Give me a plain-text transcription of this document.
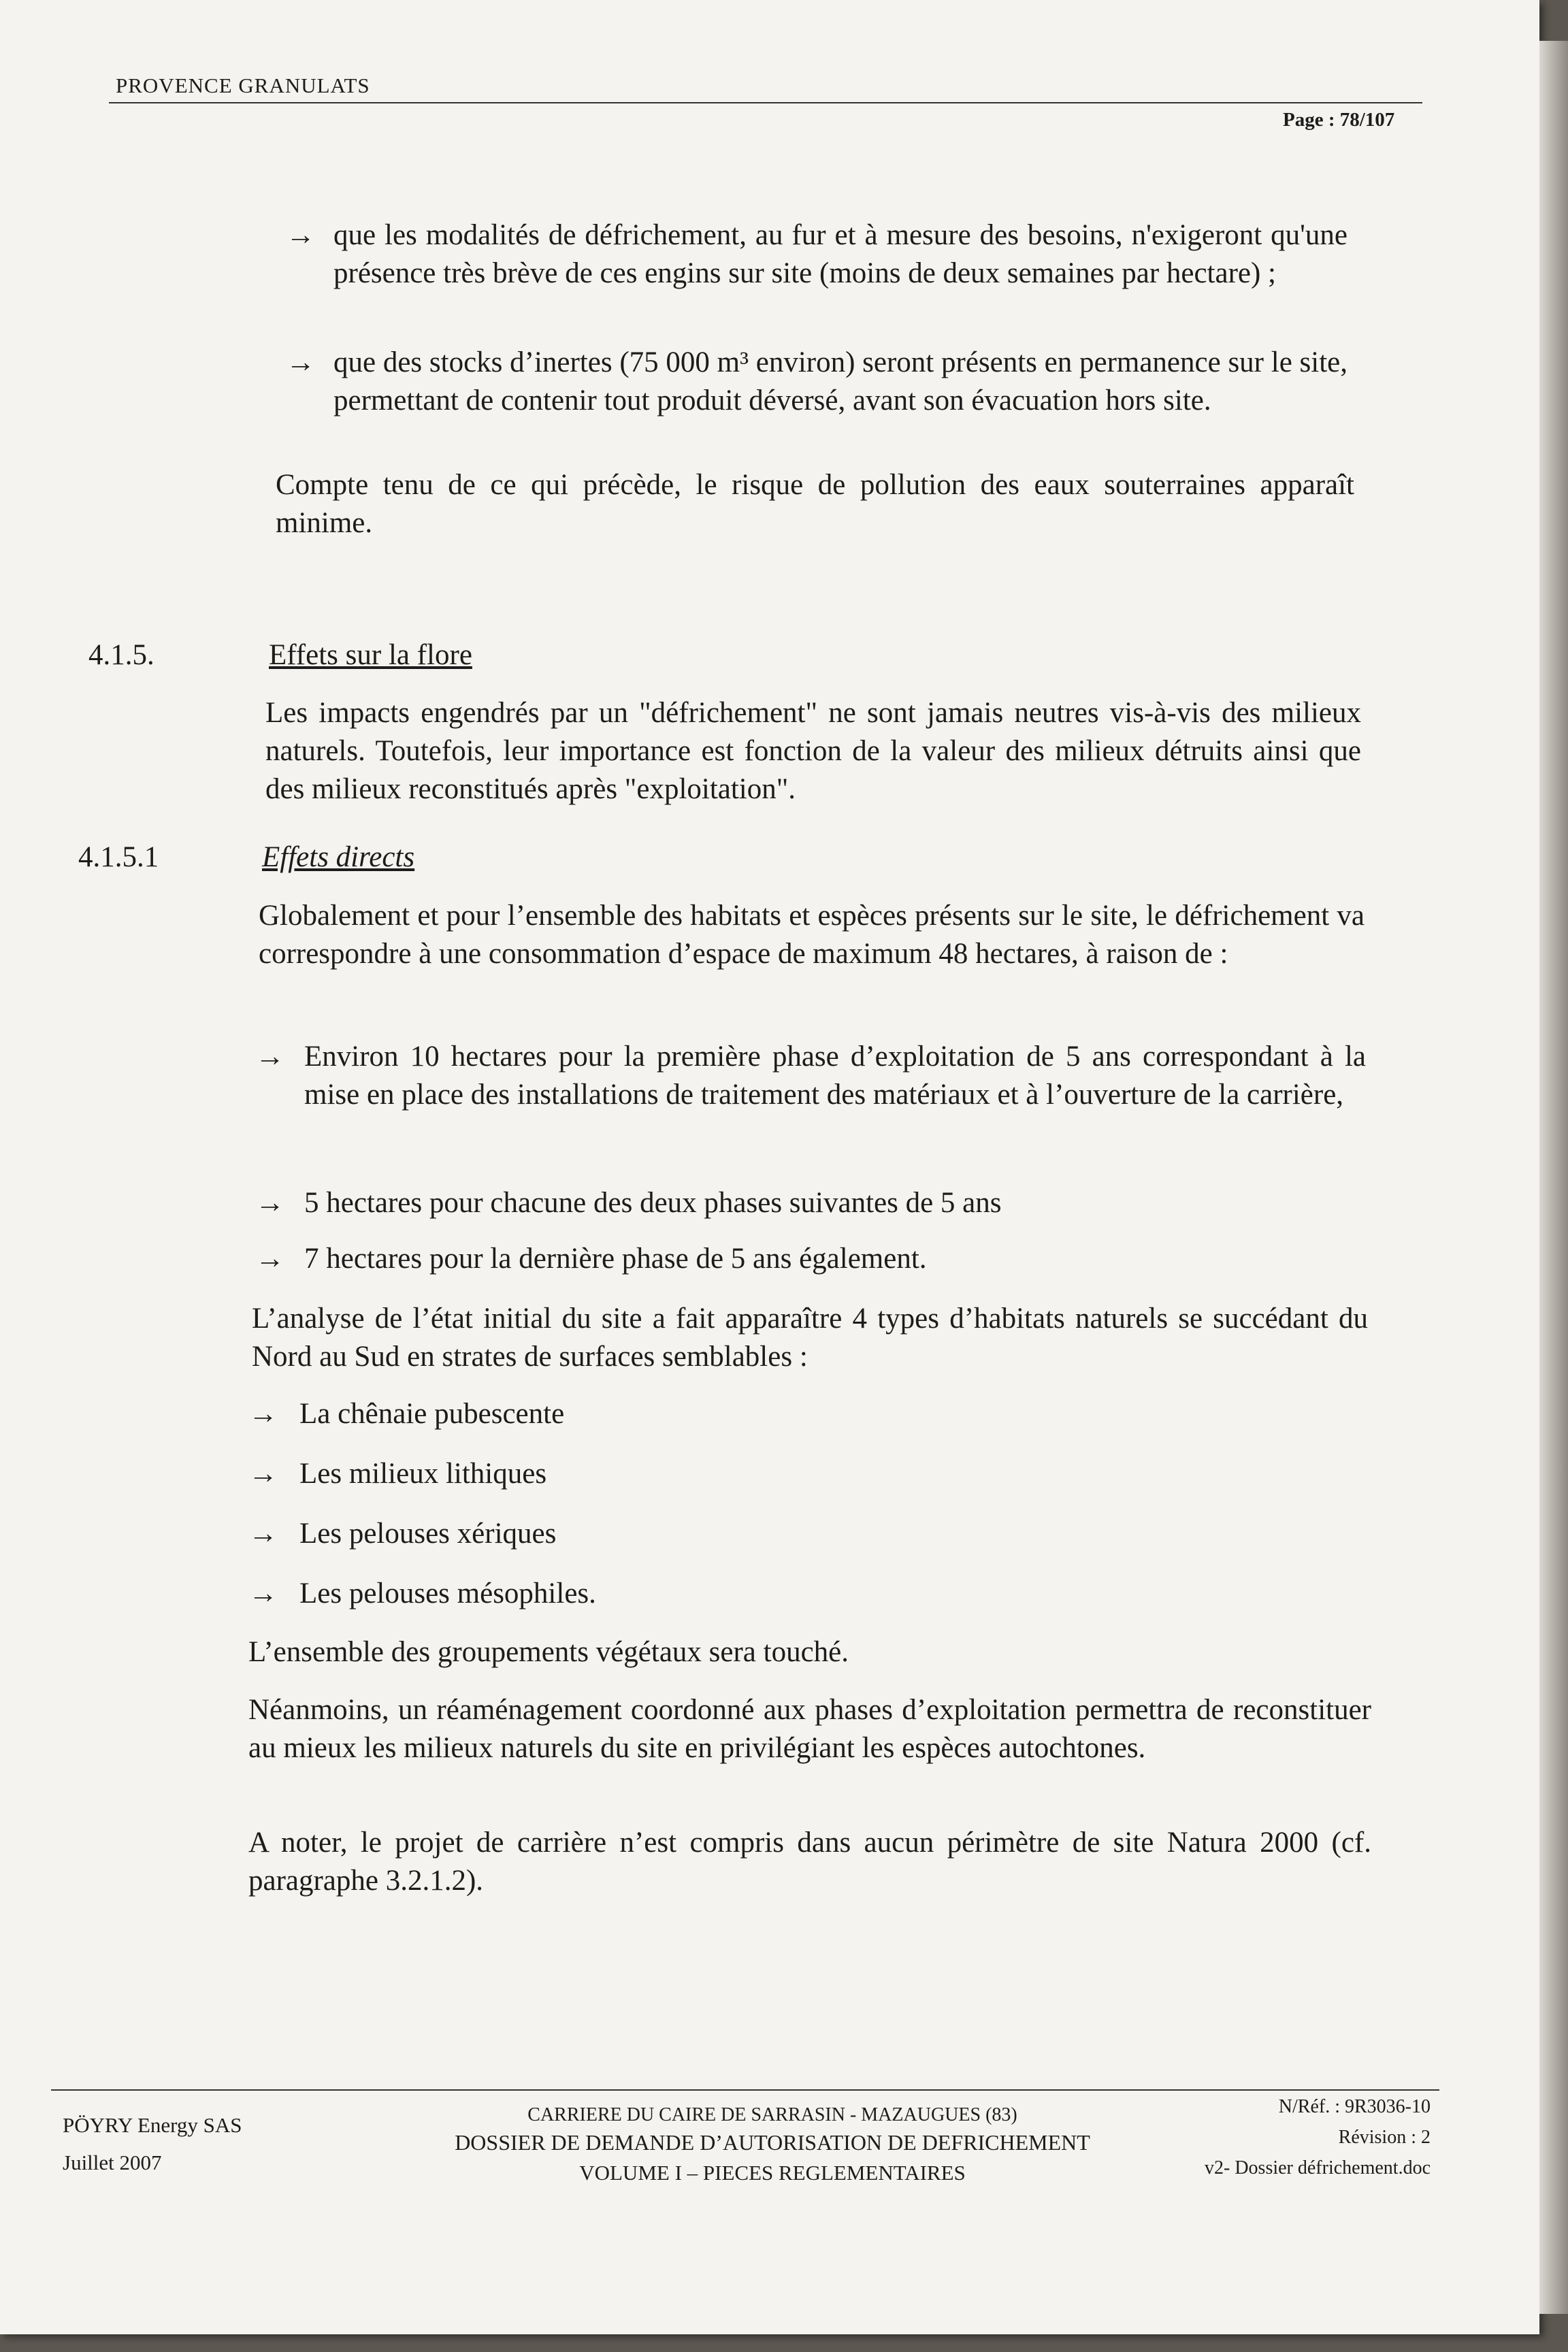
PROVENCE GRANULATS
Page : 78/107
→ que les modalités de défrichement, au fur et à mesure des besoins, n'exigeront qu'une présence très brève de ces engins sur site (moins de deux semaines par hectare) ;
→ que des stocks d’inertes (75 000 m³ environ) seront présents en permanence sur le site, permettant de contenir tout produit déversé, avant son évacuation hors site.

Compte tenu de ce qui précède, le risque de pollution des eaux souterraines apparaît minime.

4.1.5.	Effets sur la flore

Les impacts engendrés par un "défrichement" ne sont jamais neutres vis-à-vis des milieux naturels. Toutefois, leur importance est fonction de la valeur des milieux détruits ainsi que des milieux reconstitués après "exploitation".

4.1.5.1	Effets directs

Globalement et pour l’ensemble des habitats et espèces présents sur le site, le défrichement va correspondre à une consommation d’espace de maximum 48 hectares, à raison de :

→ Environ 10 hectares pour la première phase d’exploitation de 5 ans correspondant à la mise en place des installations de traitement des matériaux et à l’ouverture de la carrière,
→ 5 hectares pour chacune des deux phases suivantes de 5 ans
→ 7 hectares pour la dernière phase de 5 ans également.

L’analyse de l’état initial du site a fait apparaître 4 types d’habitats naturels se succédant du Nord au Sud en strates de surfaces semblables :

→ La chênaie pubescente
→ Les milieux lithiques
→ Les pelouses xériques
→ Les pelouses mésophiles.

L’ensemble des groupements végétaux sera touché.

Néanmoins, un réaménagement coordonné aux phases d’exploitation permettra de reconstituer au mieux les milieux naturels du site en privilégiant les espèces autochtones.

A noter, le projet de carrière n’est compris dans aucun périmètre de site Natura 2000 (cf. paragraphe 3.2.1.2).

PÖYRY Energy SAS
Juillet 2007
CARRIERE DU CAIRE DE SARRASIN - MAZAUGUES (83)
DOSSIER DE DEMANDE D’AUTORISATION DE DEFRICHEMENT
VOLUME I – PIECES REGLEMENTAIRES
N/Réf. : 9R3036-10
Révision : 2
v2- Dossier défrichement.doc
